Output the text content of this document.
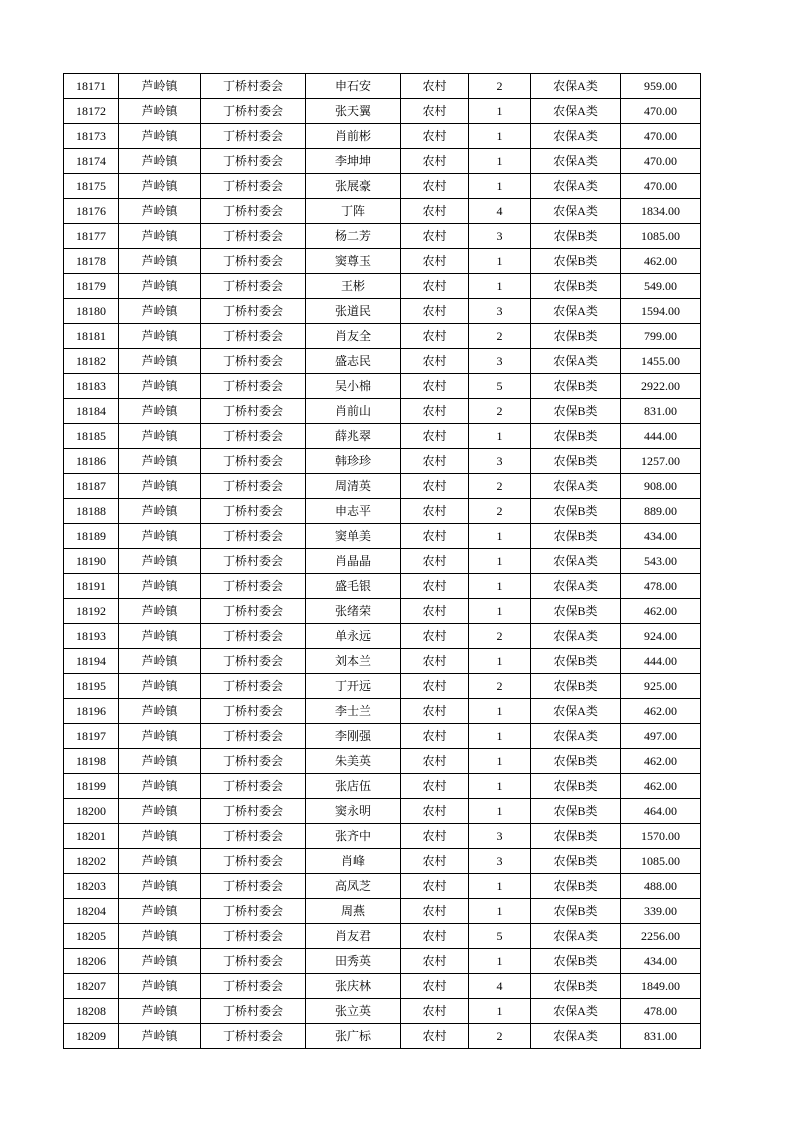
18171	芦岭镇	丁桥村委会	申石安	农村	2	农保A类	959.00
18172	芦岭镇	丁桥村委会	张天翼	农村	1	农保A类	470.00
18173	芦岭镇	丁桥村委会	肖前彬	农村	1	农保A类	470.00
18174	芦岭镇	丁桥村委会	李坤坤	农村	1	农保A类	470.00
18175	芦岭镇	丁桥村委会	张展豪	农村	1	农保A类	470.00
18176	芦岭镇	丁桥村委会	丁阵	农村	4	农保A类	1834.00
18177	芦岭镇	丁桥村委会	杨二芳	农村	3	农保B类	1085.00
18178	芦岭镇	丁桥村委会	窦尊玉	农村	1	农保B类	462.00
18179	芦岭镇	丁桥村委会	王彬	农村	1	农保B类	549.00
18180	芦岭镇	丁桥村委会	张道民	农村	3	农保A类	1594.00
18181	芦岭镇	丁桥村委会	肖友全	农村	2	农保B类	799.00
18182	芦岭镇	丁桥村委会	盛志民	农村	3	农保A类	1455.00
18183	芦岭镇	丁桥村委会	吴小棉	农村	5	农保B类	2922.00
18184	芦岭镇	丁桥村委会	肖前山	农村	2	农保B类	831.00
18185	芦岭镇	丁桥村委会	薛兆翠	农村	1	农保B类	444.00
18186	芦岭镇	丁桥村委会	韩珍珍	农村	3	农保B类	1257.00
18187	芦岭镇	丁桥村委会	周清英	农村	2	农保A类	908.00
18188	芦岭镇	丁桥村委会	申志平	农村	2	农保B类	889.00
18189	芦岭镇	丁桥村委会	窦单美	农村	1	农保B类	434.00
18190	芦岭镇	丁桥村委会	肖晶晶	农村	1	农保A类	543.00
18191	芦岭镇	丁桥村委会	盛毛银	农村	1	农保A类	478.00
18192	芦岭镇	丁桥村委会	张绪荣	农村	1	农保B类	462.00
18193	芦岭镇	丁桥村委会	单永远	农村	2	农保A类	924.00
18194	芦岭镇	丁桥村委会	刘本兰	农村	1	农保B类	444.00
18195	芦岭镇	丁桥村委会	丁开远	农村	2	农保B类	925.00
18196	芦岭镇	丁桥村委会	李士兰	农村	1	农保A类	462.00
18197	芦岭镇	丁桥村委会	李刚强	农村	1	农保A类	497.00
18198	芦岭镇	丁桥村委会	朱美英	农村	1	农保B类	462.00
18199	芦岭镇	丁桥村委会	张店伍	农村	1	农保B类	462.00
18200	芦岭镇	丁桥村委会	窦永明	农村	1	农保B类	464.00
18201	芦岭镇	丁桥村委会	张齐中	农村	3	农保B类	1570.00
18202	芦岭镇	丁桥村委会	肖峰	农村	3	农保B类	1085.00
18203	芦岭镇	丁桥村委会	高凤芝	农村	1	农保B类	488.00
18204	芦岭镇	丁桥村委会	周燕	农村	1	农保B类	339.00
18205	芦岭镇	丁桥村委会	肖友君	农村	5	农保A类	2256.00
18206	芦岭镇	丁桥村委会	田秀英	农村	1	农保B类	434.00
18207	芦岭镇	丁桥村委会	张庆林	农村	4	农保B类	1849.00
18208	芦岭镇	丁桥村委会	张立英	农村	1	农保A类	478.00
18209	芦岭镇	丁桥村委会	张广标	农村	2	农保A类	831.00
